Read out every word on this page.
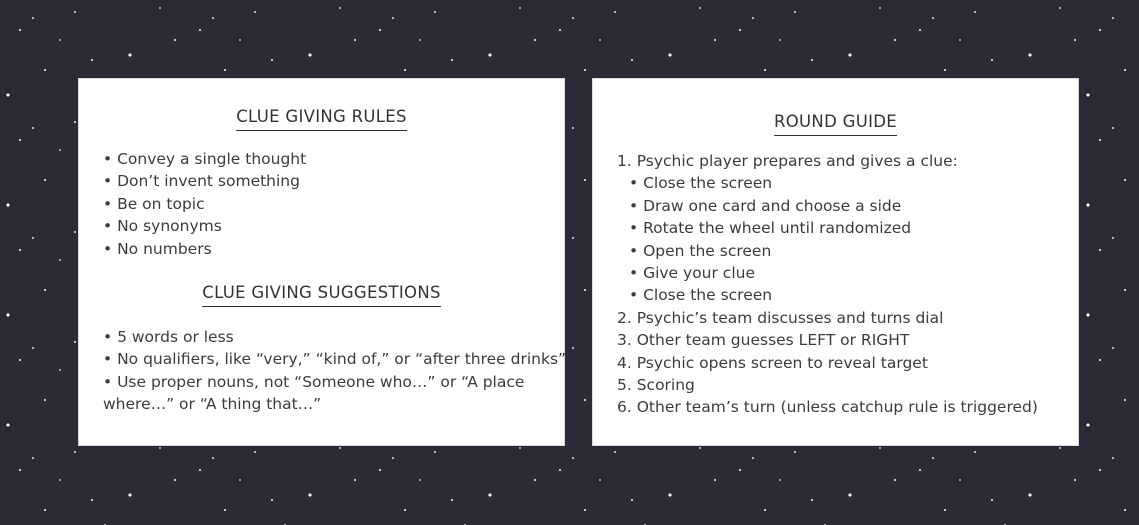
CLUE GIVING RULES
• Convey a single thought
• Don’t invent something
• Be on topic
• No synonyms
• No numbers
CLUE GIVING SUGGESTIONS
• 5 words or less
• No qualifiers, like “very,” “kind of,” or “after three drinks”
• Use proper nouns, not “Someone who…” or “A place where…” or “A thing that…”
ROUND GUIDE
1. Psychic player prepares and gives a clue:
• Close the screen
• Draw one card and choose a side
• Rotate the wheel until randomized
• Open the screen
• Give your clue
• Close the screen
2. Psychic’s team discusses and turns dial
3. Other team guesses LEFT or RIGHT
4. Psychic opens screen to reveal target
5. Scoring
6. Other team’s turn (unless catchup rule is triggered)
